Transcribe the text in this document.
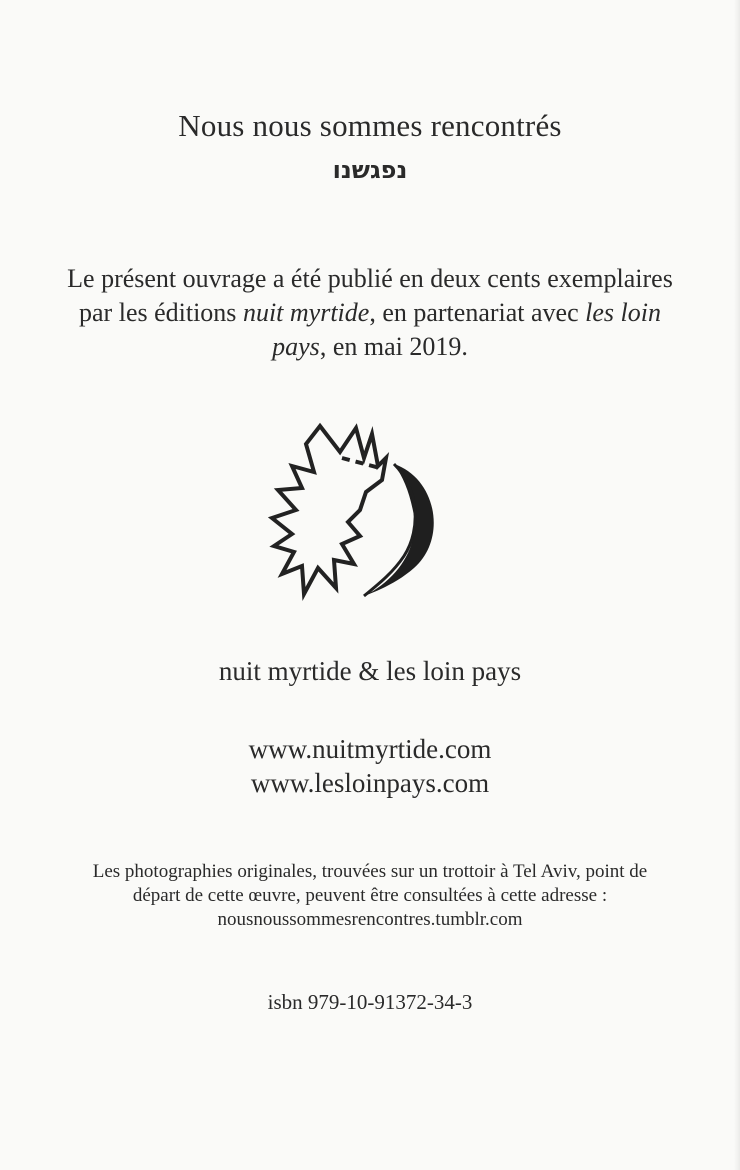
Nous nous sommes rencontrés
נפגשנו
Le présent ouvrage a été publié en deux cents exemplaires par les éditions nuit myrtide, en partenariat avec les loin pays, en mai 2019.
nuit myrtide & les loin pays
www.nuitmyrtide.com
www.lesloinpays.com
Les photographies originales, trouvées sur un trottoir à Tel Aviv, point de départ de cette œuvre, peuvent être consultées à cette adresse : nousnoussommesrencontres.tumblr.com
isbn 979-10-91372-34-3
